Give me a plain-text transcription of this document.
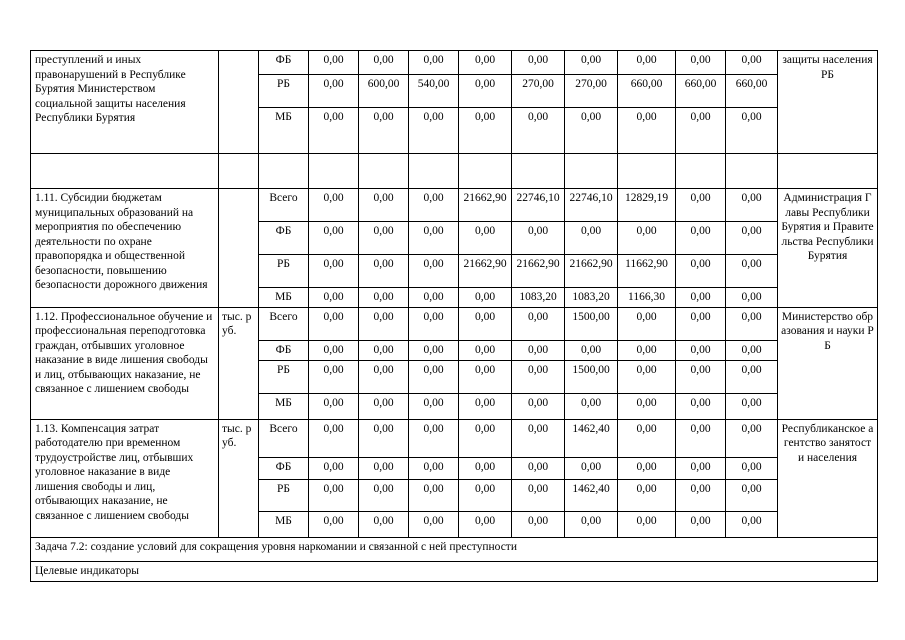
преступлений и иных правонарушений в Республике Бурятия Министерством социальной защиты населения Республики Бурятия		ФБ	0,00	0,00	0,00	0,00	0,00	0,00	0,00	0,00	0,00	защиты населения РБ
		РБ	0,00	600,00	540,00	0,00	270,00	270,00	660,00	660,00	660,00	
		МБ	0,00	0,00	0,00	0,00	0,00	0,00	0,00	0,00	0,00	

1.11. Субсидии бюджетам муниципальных образований на мероприятия по обеспечению деятельности по охране правопорядка и общественной безопасности, повышению безопасности дорожного движения		Всего	0,00	0,00	0,00	21662,90	22746,10	22746,10	12829,19	0,00	0,00	Администрация Главы Республики Бурятия и Правительства Республики Бурятия
		ФБ	0,00	0,00	0,00	0,00	0,00	0,00	0,00	0,00	0,00	
		РБ	0,00	0,00	0,00	21662,90	21662,90	21662,90	11662,90	0,00	0,00	
		МБ	0,00	0,00	0,00	0,00	1083,20	1083,20	1166,30	0,00	0,00	
1.12. Профессиональное обучение и профессиональная переподготовка граждан, отбывших уголовное наказание в виде лишения свободы и лиц, отбывающих наказание, не связанное с лишением свободы	тыс. руб.	Всего	0,00	0,00	0,00	0,00	0,00	1500,00	0,00	0,00	0,00	Министерство образования и науки РБ
		ФБ	0,00	0,00	0,00	0,00	0,00	0,00	0,00	0,00	0,00	
		РБ	0,00	0,00	0,00	0,00	0,00	1500,00	0,00	0,00	0,00	
		МБ	0,00	0,00	0,00	0,00	0,00	0,00	0,00	0,00	0,00	
1.13. Компенсация затрат работодателю при временном трудоустройстве лиц, отбывших уголовное наказание в виде лишения свободы и лиц, отбывающих наказание, не связанное с лишением свободы	тыс. руб.	Всего	0,00	0,00	0,00	0,00	0,00	1462,40	0,00	0,00	0,00	Республиканское агентство занятости населения
		ФБ	0,00	0,00	0,00	0,00	0,00	0,00	0,00	0,00	0,00	
		РБ	0,00	0,00	0,00	0,00	0,00	1462,40	0,00	0,00	0,00	
		МБ	0,00	0,00	0,00	0,00	0,00	0,00	0,00	0,00	0,00	
Задача 7.2: создание условий для сокращения уровня наркомании и связанной с ней преступности												
Целевые индикаторы												
